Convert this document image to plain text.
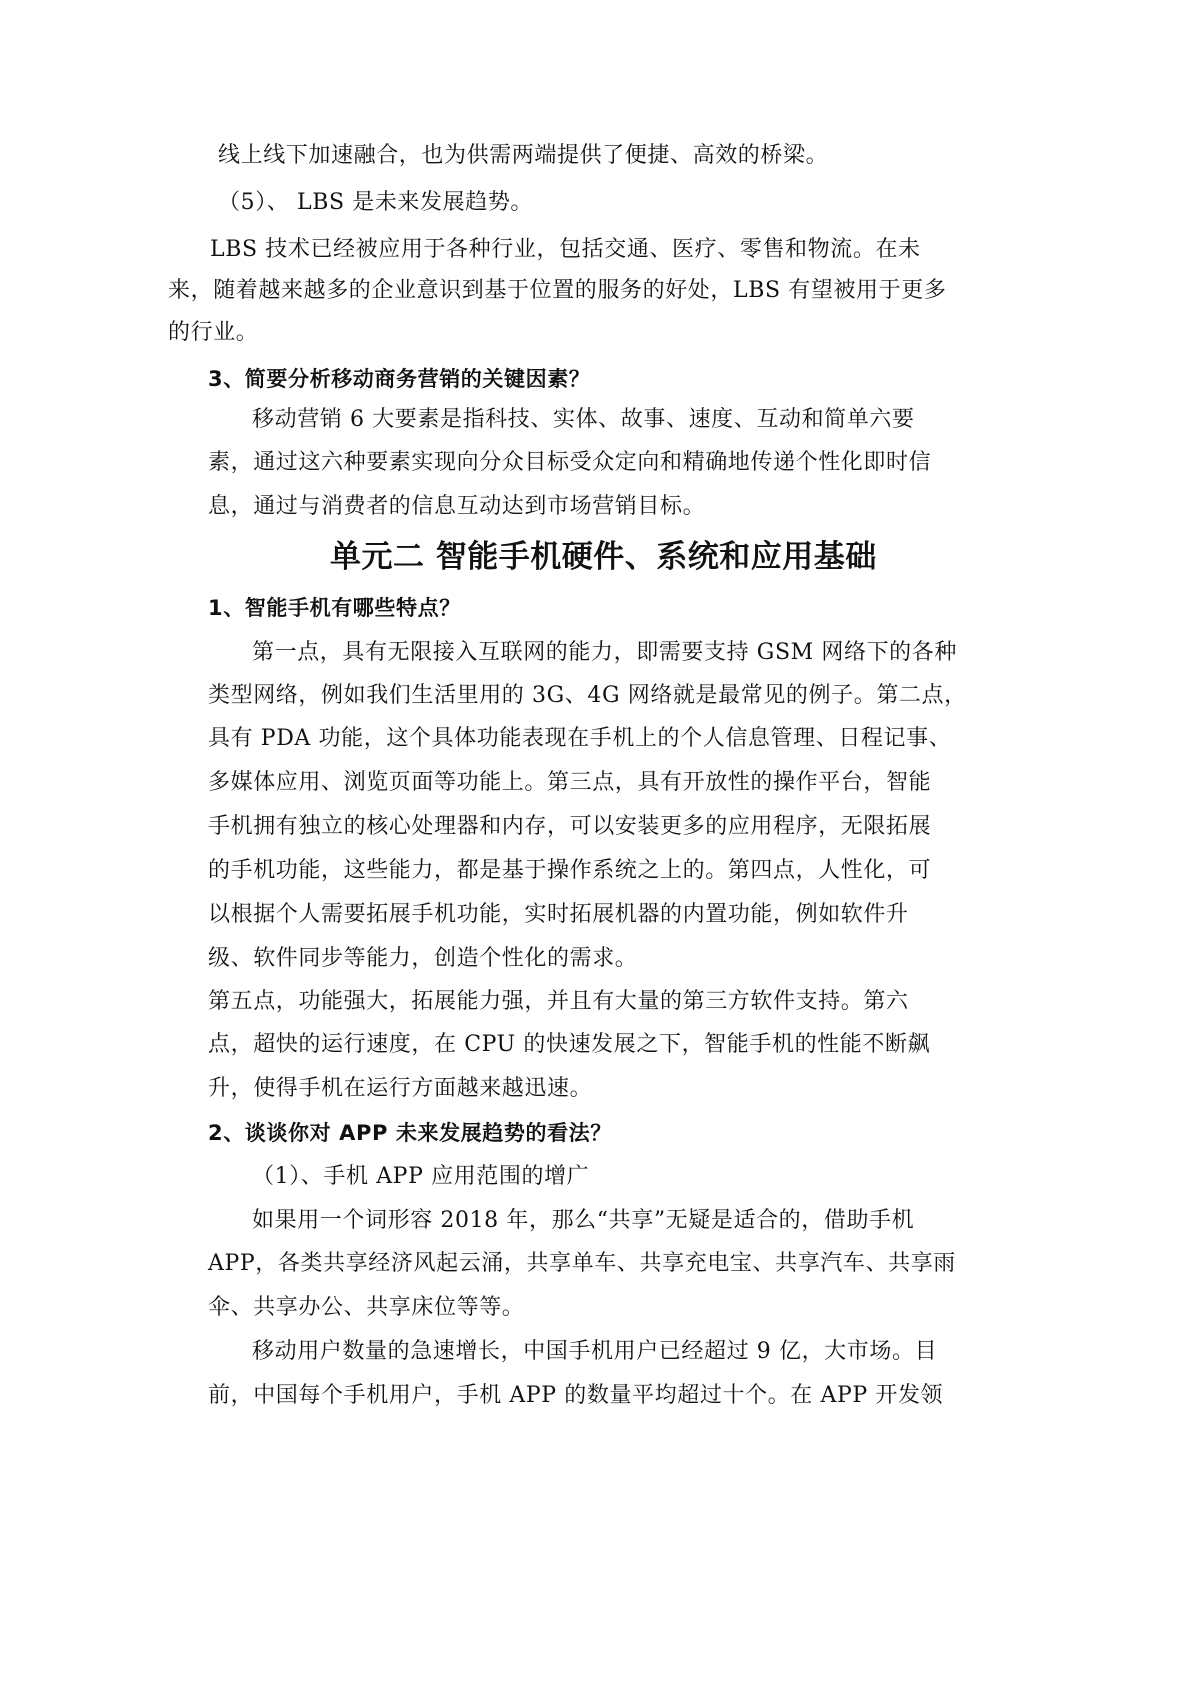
线上线下加速融合，也为供需两端提供了便捷、高效的桥梁。
（5）、 LBS 是未来发展趋势。
LBS 技术已经被应用于各种行业，包括交通、医疗、零售和物流。在未
来，随着越来越多的企业意识到基于位置的服务的好处，LBS 有望被用于更多
的行业。
3、简要分析移动商务营销的关键因素？
移动营销 6 大要素是指科技、实体、故事、速度、互动和简单六要
素，通过这六种要素实现向分众目标受众定向和精确地传递个性化即时信
息，通过与消费者的信息互动达到市场营销目标。
单元二 智能手机硬件、系统和应用基础
1、智能手机有哪些特点？
第一点，具有无限接入互联网的能力，即需要支持 GSM 网络下的各种
类型网络，例如我们生活里用的 3G、4G 网络就是最常见的例子。第二点，
具有 PDA 功能，这个具体功能表现在手机上的个人信息管理、日程记事、
多媒体应用、浏览页面等功能上。第三点，具有开放性的操作平台，智能
手机拥有独立的核心处理器和内存，可以安装更多的应用程序，无限拓展
的手机功能，这些能力，都是基于操作系统之上的。第四点，人性化，可
以根据个人需要拓展手机功能，实时拓展机器的内置功能，例如软件升
级、软件同步等能力，创造个性化的需求。
第五点，功能强大，拓展能力强，并且有大量的第三方软件支持。第六
点，超快的运行速度，在 CPU 的快速发展之下，智能手机的性能不断飙
升，使得手机在运行方面越来越迅速。
2、谈谈你对 APP 未来发展趋势的看法？
（1）、手机 APP 应用范围的增广
如果用一个词形容 2018 年，那么“共享”无疑是适合的，借助手机
APP，各类共享经济风起云涌，共享单车、共享充电宝、共享汽车、共享雨
伞、共享办公、共享床位等等。
移动用户数量的急速增长，中国手机用户已经超过 9 亿，大市场。目
前，中国每个手机用户，手机 APP 的数量平均超过十个。在 APP 开发领
